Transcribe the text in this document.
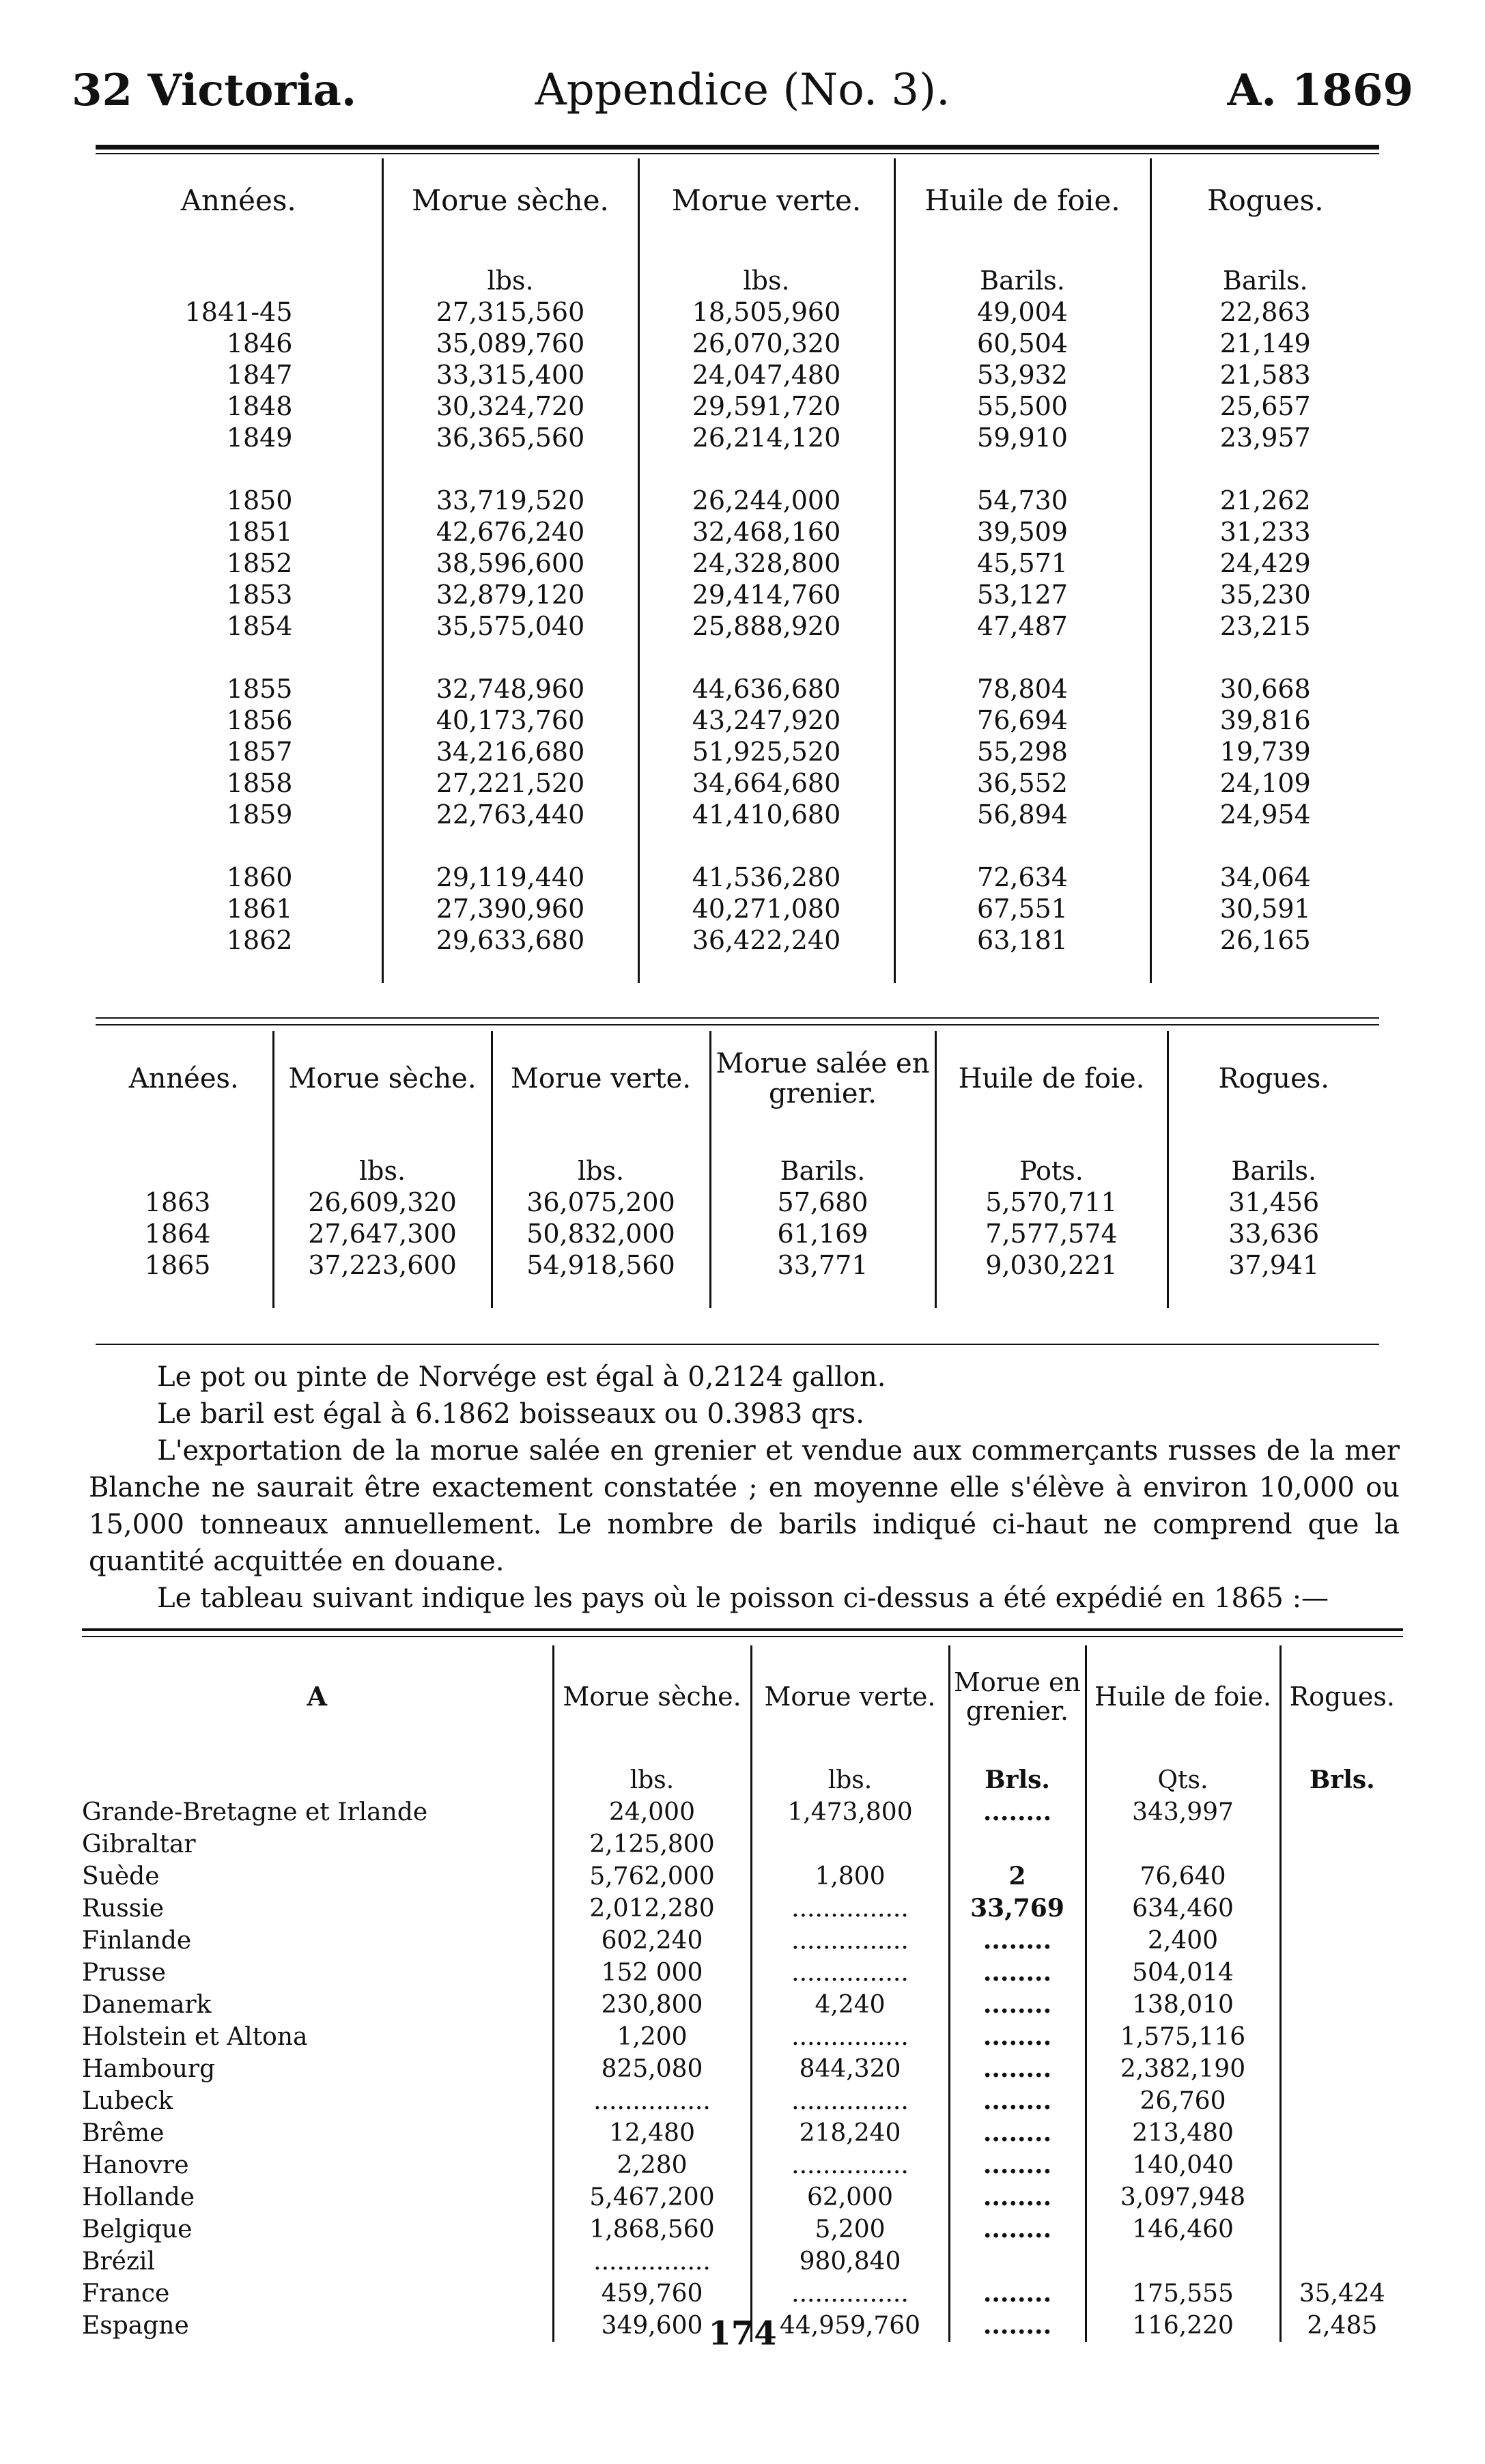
32 Victoria.	Appendice (No. 3).	A. 1869
Années.	Morue sèche.	Morue verte.	Huile de foie.	Rogues.
	lbs.	lbs.	Barils.	Barils.
1841-45	27,315,560	18,505,960	49,004	22,863
1846	35,089,760	26,070,320	60,504	21,149
1847	33,315,400	24,047,480	53,932	21,583
1848	30,324,720	29,591,720	55,500	25,657
1849	36,365,560	26,214,120	59,910	23,957
1850	33,719,520	26,244,000	54,730	21,262
1851	42,676,240	32,468,160	39,509	31,233
1852	38,596,600	24,328,800	45,571	24,429
1853	32,879,120	29,414,760	53,127	35,230
1854	35,575,040	25,888,920	47,487	23,215
1855	32,748,960	44,636,680	78,804	30,668
1856	40,173,760	43,247,920	76,694	39,816
1857	34,216,680	51,925,520	55,298	19,739
1858	27,221,520	34,664,680	36,552	24,109
1859	22,763,440	41,410,680	56,894	24,954
1860	29,119,440	41,536,280	72,634	34,064
1861	27,390,960	40,271,080	67,551	30,591
1862	29,633,680	36,422,240	63,181	26,165
Années.	Morue sèche.	Morue verte.	Morue salée en grenier.	Huile de foie.	Rogues.
	lbs.	lbs.	Barils.	Pots.	Barils.
1863	26,609,320	36,075,200	57,680	5,570,711	31,456
1864	27,647,300	50,832,000	61,169	7,577,574	33,636
1865	37,223,600	54,918,560	33,771	9,030,221	37,941
Le pot ou pinte de Norvége est égal à 0,2124 gallon.
Le baril est égal à 6.1862 boisseaux ou 0.3983 qrs.
L'exportation de la morue salée en grenier et vendue aux commerçants russes de la mer Blanche ne saurait être exactement constatée ; en moyenne elle s'élève à environ 10,000 ou 15,000 tonneaux annuellement. Le nombre de barils indiqué ci-haut ne comprend que la quantité acquittée en douane.
Le tableau suivant indique les pays où le poisson ci-dessus a été expédié en 1865 :—
A	Morue sèche.	Morue verte.	Morue en grenier.	Huile de foie.	Rogues.
	lbs.	lbs.	Brls.	Qts.	Brls.
Grande-Bretagne et Irlande	24,000	1,473,800	........	343,997	
Gibraltar	2,125,800				
Suède	5,762,000	1,800	2	76,640	
Russie	2,012,280	...............	33,769	634,460	
Finlande	602,240	...............	........	2,400	
Prusse	152 000	...............	........	504,014	
Danemark	230,800	4,240	........	138,010	
Holstein et Altona	1,200	...............	........	1,575,116	
Hambourg	825,080	844,320	........	2,382,190	
Lubeck	...............	...............	........	26,760	
Brême	12,480	218,240	........	213,480	
Hanovre	2,280	...............	........	140,040	
Hollande	5,467,200	62,000	........	3,097,948	
Belgique	1,868,560	5,200	........	146,460	
Brézil	...............	980,840			
France	459,760	...............	........	175,555	35,424
Espagne	349,600	44,959,760	........	116,220	2,485
174
